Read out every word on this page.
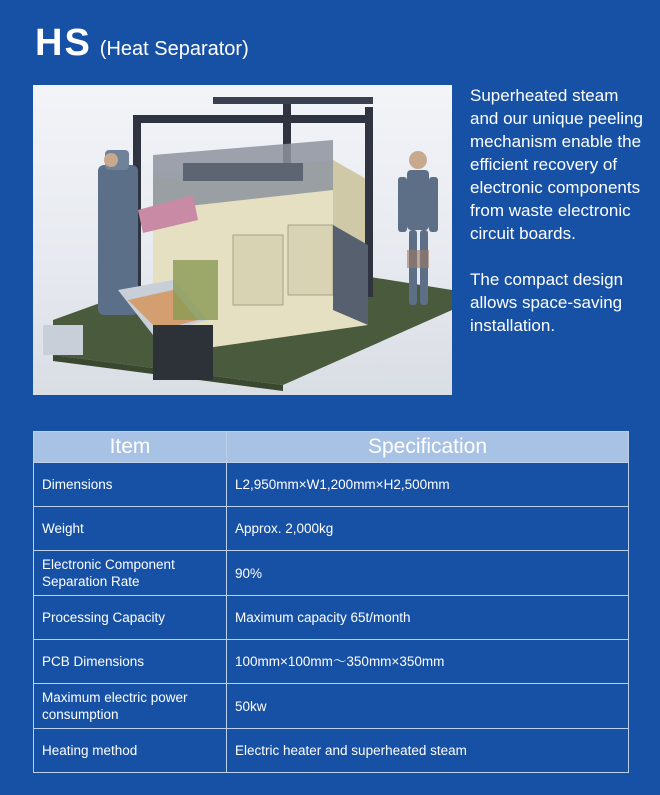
HS (Heat Separator)

Superheated steam and our unique peeling mechanism enable the efficient recovery of electronic components from waste electronic circuit boards.

The compact design allows space-saving installation.

Item	Specification
Dimensions	L2,950mm×W1,200mm×H2,500mm
Weight	Approx. 2,000kg
Electronic Component Separation Rate	90%
Processing Capacity	Maximum capacity 65t/month
PCB Dimensions	100mm×100mm～350mm×350mm
Maximum electric power consumption	50kw
Heating method	Electric heater and superheated steam
